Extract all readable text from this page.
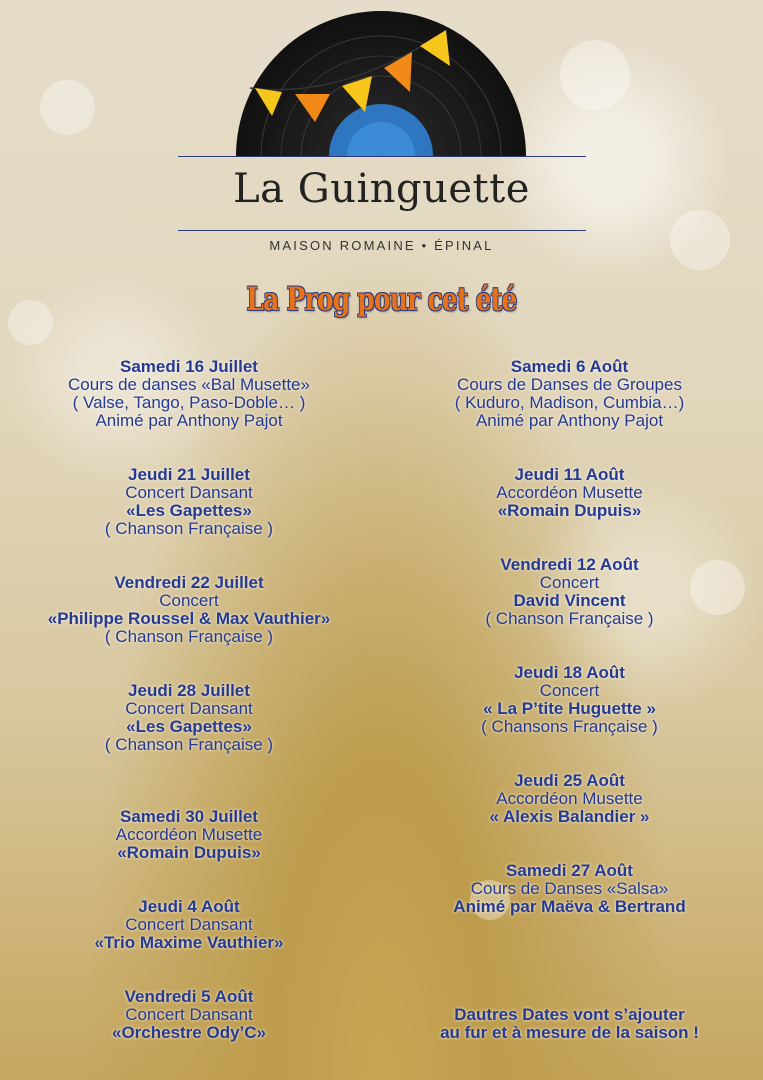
La Guinguette
MAISON ROMAINE • ÉPINAL
La Prog pour cet été
Samedi 16 Juillet
Cours de danses «Bal Musette»
( Valse, Tango, Paso-Doble… )
Animé par Anthony Pajot
Jeudi 21 Juillet
Concert Dansant
«Les Gapettes»
( Chanson Française )
Vendredi 22 Juillet
Concert
«Philippe Roussel & Max Vauthier»
( Chanson Française )
Jeudi 28 Juillet
Concert Dansant
«Les Gapettes»
( Chanson Française )
Samedi 30 Juillet
Accordéon Musette
«Romain Dupuis»
Jeudi 4 Août
Concert Dansant
«Trio Maxime Vauthier»
Vendredi 5 Août
Concert Dansant
«Orchestre Ody’C»
Samedi 6 Août
Cours de Danses de Groupes
( Kuduro, Madison, Cumbia…)
Animé par Anthony Pajot
Jeudi 11 Août
Accordéon Musette
«Romain Dupuis»
Vendredi 12 Août
Concert
David Vincent
( Chanson Française )
Jeudi 18 Août
Concert
« La P’tite Huguette »
( Chansons Française )
Jeudi 25 Août
Accordéon Musette
« Alexis Balandier »
Samedi 27 Août
Cours de Danses «Salsa»
Animé par Maëva & Bertrand
Dautres Dates vont s’ajouter
au fur et à mesure de la saison !
